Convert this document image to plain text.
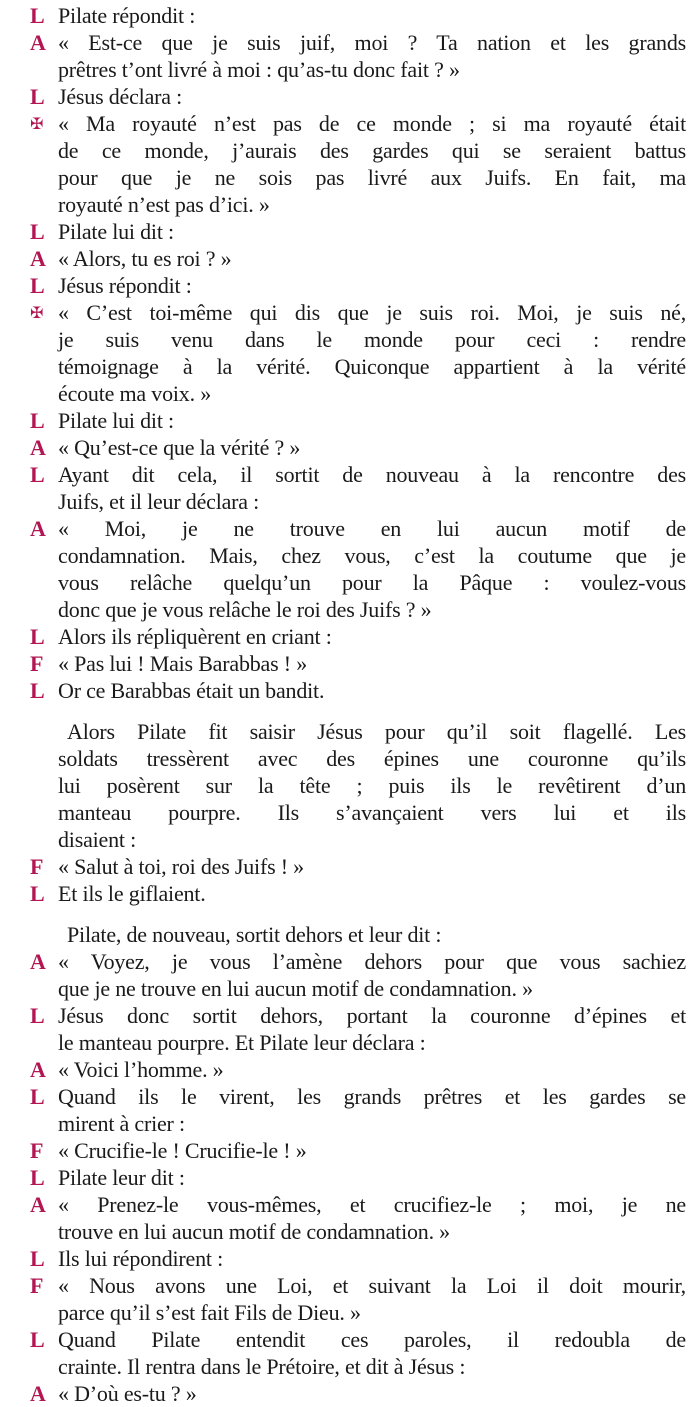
L Pilate répondit :
A « Est-ce que je suis juif, moi ? Ta nation et les grands
prêtres t’ont livré à moi : qu’as-tu donc fait ? »
L Jésus déclara :
✠ « Ma royauté n’est pas de ce monde ; si ma royauté était
de ce monde, j’aurais des gardes qui se seraient battus
pour que je ne sois pas livré aux Juifs. En fait, ma
royauté n’est pas d’ici. »
L Pilate lui dit :
A « Alors, tu es roi ? »
L Jésus répondit :
✠ « C’est toi-même qui dis que je suis roi. Moi, je suis né,
je suis venu dans le monde pour ceci : rendre
témoignage à la vérité. Quiconque appartient à la vérité
écoute ma voix. »
L Pilate lui dit :
A « Qu’est-ce que la vérité ? »
L Ayant dit cela, il sortit de nouveau à la rencontre des
Juifs, et il leur déclara :
A « Moi, je ne trouve en lui aucun motif de
condamnation. Mais, chez vous, c’est la coutume que je
vous relâche quelqu’un pour la Pâque : voulez-vous
donc que je vous relâche le roi des Juifs ? »
L Alors ils répliquèrent en criant :
F « Pas lui ! Mais Barabbas ! »
L Or ce Barabbas était un bandit.
Alors Pilate fit saisir Jésus pour qu’il soit flagellé. Les
soldats tressèrent avec des épines une couronne qu’ils
lui posèrent sur la tête ; puis ils le revêtirent d’un
manteau pourpre. Ils s’avançaient vers lui et ils
disaient :
F « Salut à toi, roi des Juifs ! »
L Et ils le giflaient.
Pilate, de nouveau, sortit dehors et leur dit :
A « Voyez, je vous l’amène dehors pour que vous sachiez
que je ne trouve en lui aucun motif de condamnation. »
L Jésus donc sortit dehors, portant la couronne d’épines et
le manteau pourpre. Et Pilate leur déclara :
A « Voici l’homme. »
L Quand ils le virent, les grands prêtres et les gardes se
mirent à crier :
F « Crucifie-le ! Crucifie-le ! »
L Pilate leur dit :
A « Prenez-le vous-mêmes, et crucifiez-le ; moi, je ne
trouve en lui aucun motif de condamnation. »
L Ils lui répondirent :
F « Nous avons une Loi, et suivant la Loi il doit mourir,
parce qu’il s’est fait Fils de Dieu. »
L Quand Pilate entendit ces paroles, il redoubla de
crainte. Il rentra dans le Prétoire, et dit à Jésus :
A « D’où es-tu ? »
